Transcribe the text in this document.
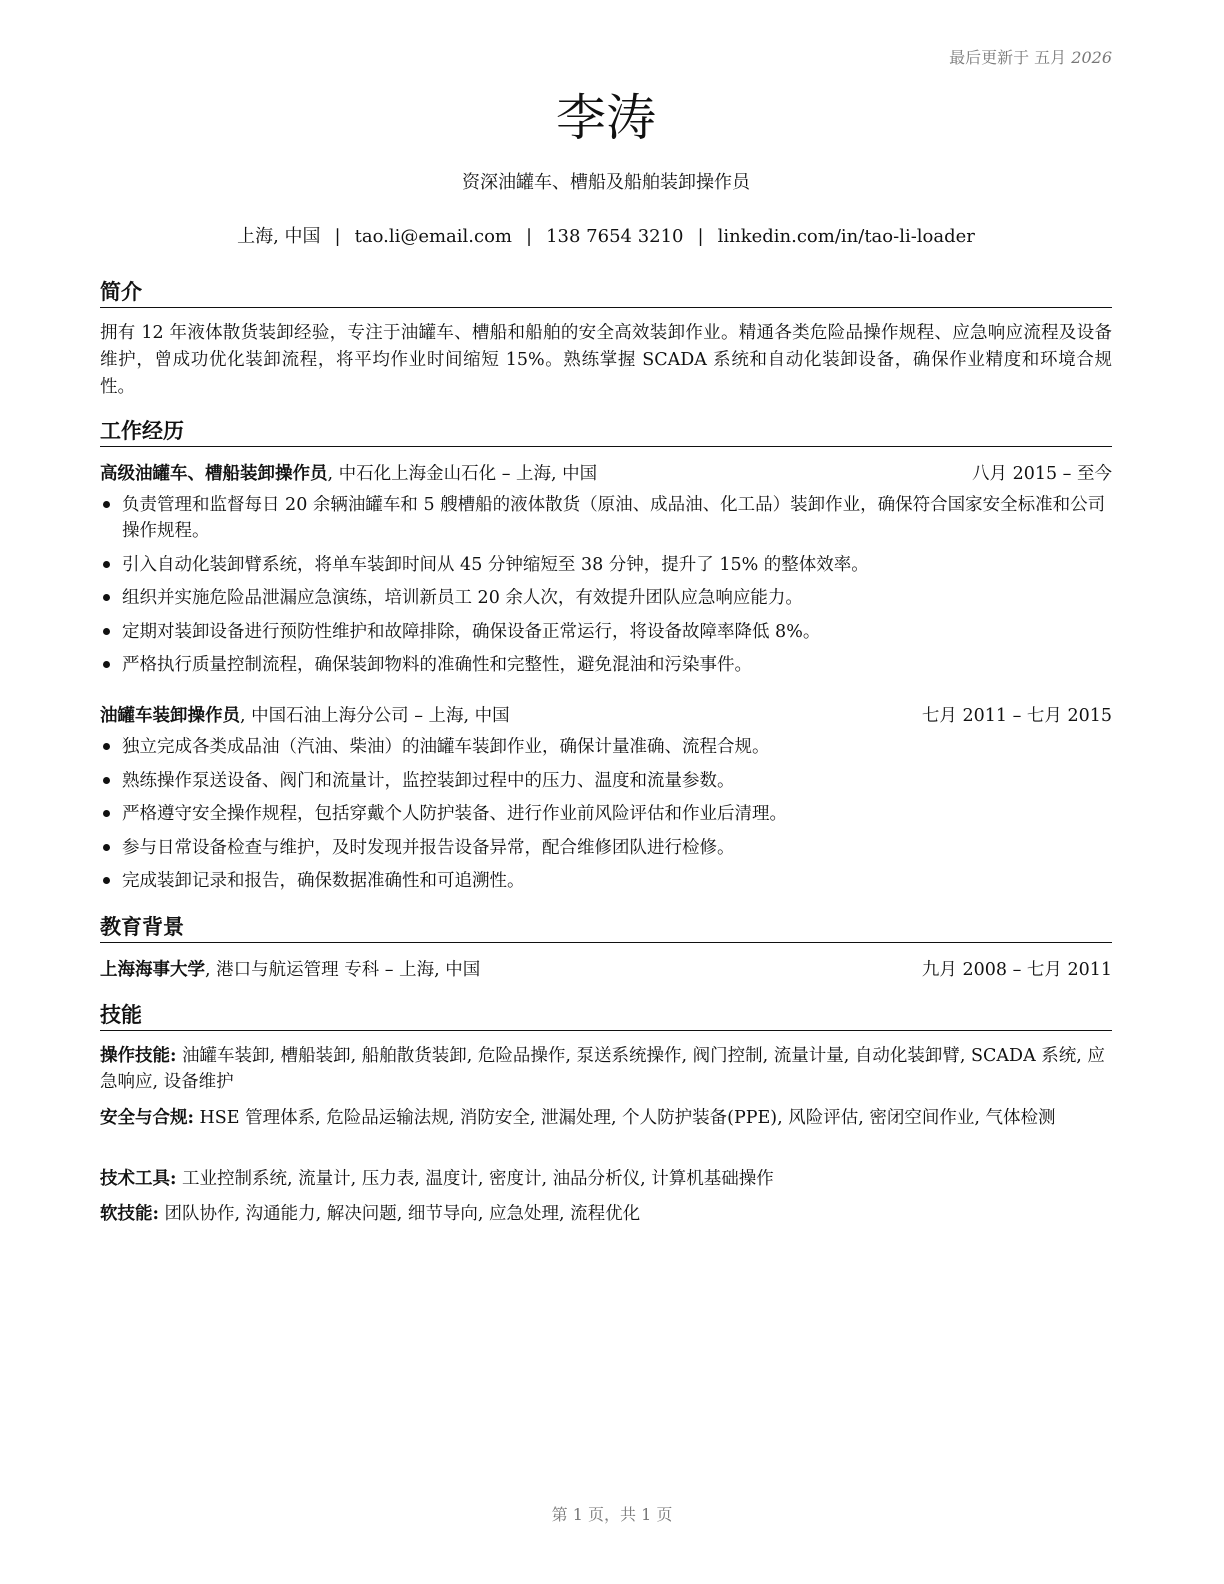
最后更新于 五月 2026
李涛
资深油罐车、槽船及船舶装卸操作员
上海, 中国 | tao.li@email.com | 138 7654 3210 | linkedin.com/in/tao-li-loader
简介
拥有 12 年液体散货装卸经验，专注于油罐车、槽船和船舶的安全高效装卸作业。精通各类危险品操作规程、应急响应流程及设备维护，曾成功优化装卸流程，将平均作业时间缩短 15%。熟练掌握 SCADA 系统和自动化装卸设备，确保作业精度和环境合规性。
工作经历
高级油罐车、槽船装卸操作员, 中石化上海金山石化 – 上海, 中国	八月 2015 – 至今
负责管理和监督每日 20 余辆油罐车和 5 艘槽船的液体散货（原油、成品油、化工品）装卸作业，确保符合国家安全标准和公司操作规程。
引入自动化装卸臂系统，将单车装卸时间从 45 分钟缩短至 38 分钟，提升了 15% 的整体效率。
组织并实施危险品泄漏应急演练，培训新员工 20 余人次，有效提升团队应急响应能力。
定期对装卸设备进行预防性维护和故障排除，确保设备正常运行，将设备故障率降低 8%。
严格执行质量控制流程，确保装卸物料的准确性和完整性，避免混油和污染事件。
油罐车装卸操作员, 中国石油上海分公司 – 上海, 中国	七月 2011 – 七月 2015
独立完成各类成品油（汽油、柴油）的油罐车装卸作业，确保计量准确、流程合规。
熟练操作泵送设备、阀门和流量计，监控装卸过程中的压力、温度和流量参数。
严格遵守安全操作规程，包括穿戴个人防护装备、进行作业前风险评估和作业后清理。
参与日常设备检查与维护，及时发现并报告设备异常，配合维修团队进行检修。
完成装卸记录和报告，确保数据准确性和可追溯性。
教育背景
上海海事大学, 港口与航运管理 专科 – 上海, 中国	九月 2008 – 七月 2011
技能
操作技能: 油罐车装卸, 槽船装卸, 船舶散货装卸, 危险品操作, 泵送系统操作, 阀门控制, 流量计量, 自动化装卸臂, SCADA 系统, 应急响应, 设备维护
安全与合规: HSE 管理体系, 危险品运输法规, 消防安全, 泄漏处理, 个人防护装备(PPE), 风险评估, 密闭空间作业, 气体检测
技术工具: 工业控制系统, 流量计, 压力表, 温度计, 密度计, 油品分析仪, 计算机基础操作
软技能: 团队协作, 沟通能力, 解决问题, 细节导向, 应急处理, 流程优化
第 1 页，共 1 页
